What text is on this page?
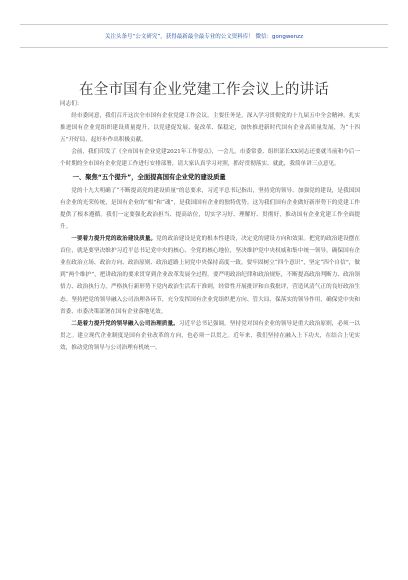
关注头条号“公文研究”，获得最新最全最专业的公文资料库！ 微信：gongwenzz
在全市国有企业党建工作会议上的讲话
同志们：
经市委同意，我们召开这次全市国有企业党建工作会议，主要任务是，深入学习贯彻党的十九届五中全会精神，扎实推进国有企业党组织建设质量提升，以党建促发展、促改革、保稳定，加快推进新时代国有企业高质量发展，为“十四五”开好局、起好步作出积极贡献。
会前，我们印发了《全市国有企业党建2021年工作要点》，一会儿，市委常委、组织部长XX同志还要就当前和今后一个时期的全市国有企业党建工作进行安排部署，请大家认真学习对照，抓好贯彻落实。就此，我简单讲三点意见。
一、聚焦“五个提升”，全面提高国有企业党的建设质量
党的十九大明确了“不断提高党的建设质量”的总要求，习近平总书记指出，坚持党的领导、加强党的建设，是我国国有企业的光荣传统，是国有企业的“根”和“魂”，是我国国有企业的独特优势。这为我们国有企业做好新形势下的党建工作提供了根本遵循。我们一定要强化政治担当、提高站位，切实学习好、理解好、贯彻好，推动国有企业党建工作全面提升。
一要着力提升党的政治建设质量。党的政治建设是党的根本性建设，决定党的建设方向和效果。把党的政治建设摆在首位，就是要坚决维护习近平总书记党中央的核心、全党的核心地位，坚决维护党中央权威和集中统一领导，确保国有企业在政治立场、政治方向、政治原则、政治道路上同党中央保持高度一致。要牢固树立“四个意识”，坚定“四个自信”，做到“两个维护”，把讲政治的要求贯穿到企业改革发展全过程。要严明政治纪律和政治规矩，不断提高政治判断力、政治领悟力、政治执行力，严格执行新形势下党内政治生活若干准则，经常性开展批评和自我批评，营造风清气正的良好政治生态。坚持把党的领导融入公司治理各环节，充分发挥国有企业党组织把方向、管大局、保落实的领导作用，确保党中央和省委、市委决策部署在国有企业落地见效。
二是着力提升党的领导融入公司治理质量。习近平总书记强调，坚持党对国有企业的领导是重大政治原则，必须一以贯之。建立现代企业制度是国有企业改革的方向，也必须一以贯之。近年来，我们坚持在融入上下功夫，在结合上见实效，推动党的领导与公司治理有机统一。
